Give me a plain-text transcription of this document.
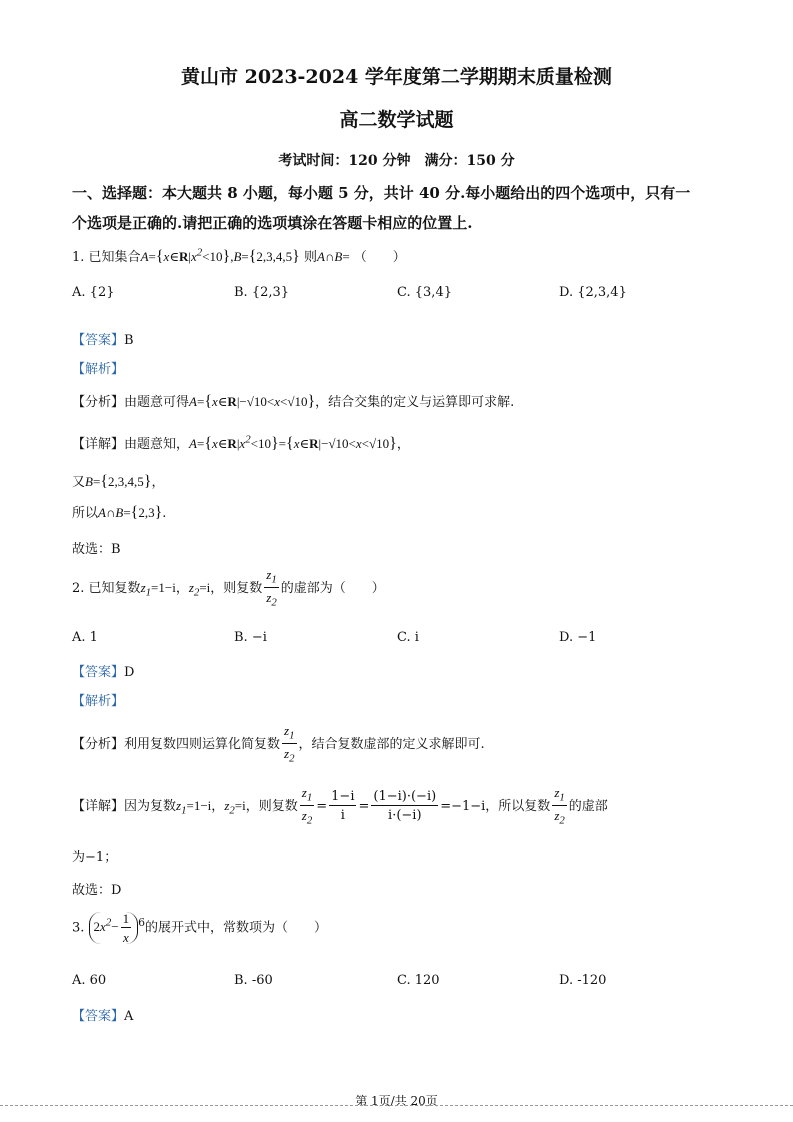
黄山市 2023-2024 学年度第二学期期末质量检测
高二数学试题
考试时间：120 分钟　满分：150 分
一、选择题：本大题共 8 小题，每小题 5 分，共计 40 分.每小题给出的四个选项中，只有一
个选项是正确的.请把正确的选项填涂在答题卡相应的位置上.
1. 已知集合$A=\{x\in R|x^2<10\},B=\{2,3,4,5\}$ 则A∩B= （　　）
A. {2}	B. {2,3}	C. {3,4}	D. {2,3,4}
【答案】B
【解析】
【分析】由题意可得A={x∈R|−√10<x<√10}，结合交集的定义与运算即可求解.
【详解】由题意知，$A=\{x\in R|x^2<10\}=\{x\in R|-√10<x<√10\}$，
又B={2,3,4,5}，
所以A∩B={2,3}.
故选：B
2. 已知复数$z_1=1-i$，$z_2=i$，则复数 $\frac{z_1}{z_2}$ 的虚部为（　　）
A. 1	B. −i	C. i	D. −1
【答案】D
【解析】
【分析】利用复数四则运算化简复数 $\frac{z_1}{z_2}$ ，结合复数虚部的定义求解即可.
【详解】因为复数$z_1=1-i$，$z_2=i$，则复数 $\frac{z_1}{z_2} = \frac{1-i}{i} = \frac{(1-i)\cdot(-i)}{i\cdot(-i)} =-1-i$，所以复数 $\frac{z_1}{z_2}$ 的虚部
为−1；
故选：D
3. $2x^2- \frac{1}{x} ^6$的展开式中，常数项为（　　）
A. 60	B. -60	C. 120	D. -120
【答案】A
第 1页/共 20页
